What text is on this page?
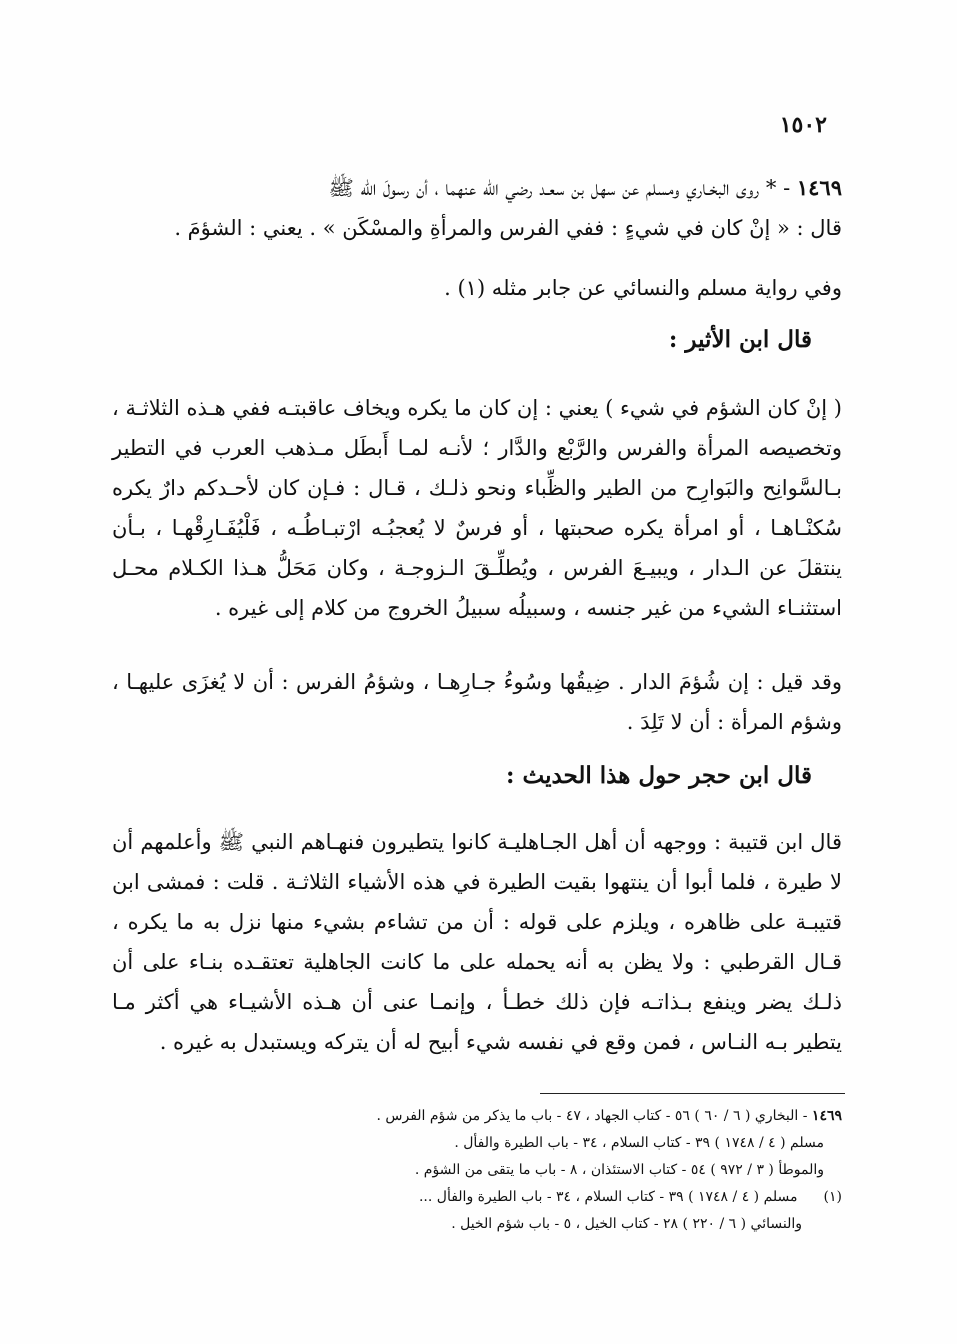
١٥٠٢
١٤٦٩ - * روى البخـاري ومسلم عن سهل بن سعـد رضي الله عنهما ، أن رسولَ الله ﷺ
قال : « إنْ كان في شيءٍ : ففي الفرس والمرأةِ والمسْكَن » . يعني : الشؤمَ .
وفي رواية مسلم والنسائي عن جابر مثله (١) .
قال ابن الأثير :
( إنْ كان الشؤم في شيء ) يعني : إن كان ما يكره ويخاف عاقبتـه ففي هـذه الثلاثـة ، وتخصيصه المرأة والفرس والرَّبْع والدَّار ؛ لأنـه لمـا أَبطَل مـذهب العرب في التطير بـالسَّوانِح والبَوارِح من الطير والظِّباء ونحو ذلـك ، قـال : فـإن كان لأحـدكم دارٌ يكره سُكنْـاهـا ، أو امرأة يكره صحبتها ، أو فرسٌ لا يُعجبُـه ارْتبـاطُـه ، فَلْيُفَـارِقْهـا ، بـأن ينتقلَ عن الـدار ، ويبيـعَ الفرس ، ويُطلِّـقَ الـزوجـة ، وكان مَحَلُّ هـذا الكـلام محـل استثنـاء الشيء من غير جنسه ، وسبيلُه سبيلُ الخروج من كلام إلى غيره .
وقد قيل : إن شُؤمَ الدار . ضِيقُها وسُوءُ جـارِهـا ، وشؤمُ الفرس : أن لا يُغزَى عليهـا ، وشؤم المرأة : أن لا تَلِدَ .
قال ابن حجر حول هذا الحديث :
قال ابن قتيبة : ووجهه أن أهل الجـاهليـة كانوا يتطيرون فنهـاهم النبي ﷺ وأعلمهم أن لا طيرة ، فلما أبوا أن ينتهوا بقيت الطيرة في هذه الأشياء الثلاثـة . قلت : فمشى ابن قتيبـة على ظاهره ، ويلزم على قوله : أن من تشاءم بشيء منها نزل به ما يكره ، قـال القرطبي : ولا يظن به أنه يحمله على ما كانت الجاهلية تعتقـده بنـاء على أن ذلـك يضر وينفع بـذاتـه فإن ذلك خطـأ ، وإنمـا عنى أن هـذه الأشيـاء هي أكثر مـا يتطير بـه النـاس ، فمن وقع في نفسه شيء أبيح له أن يتركه ويستبدل به غيره .
١٤٦٩ - البخاري ( ٦ / ٦٠ ) ٥٦ - كتاب الجهاد ، ٤٧ - باب ما يذكر من شؤم الفرس .
مسلم ( ٤ / ١٧٤٨ ) ٣٩ - كتاب السلام ، ٣٤ - باب الطيرة والفأل .
والموطأ ( ٣ / ٩٧٢ ) ٥٤ - كتاب الاستئذان ، ٨ - باب ما يتقى من الشؤم .
(١) مسلم ( ٤ / ١٧٤٨ ) ٣٩ - كتاب السلام ، ٣٤ - باب الطيرة والفأل ...
والنسائي ( ٦ / ٢٢٠ ) ٢٨ - كتاب الخيل ، ٥ - باب شؤم الخيل .
